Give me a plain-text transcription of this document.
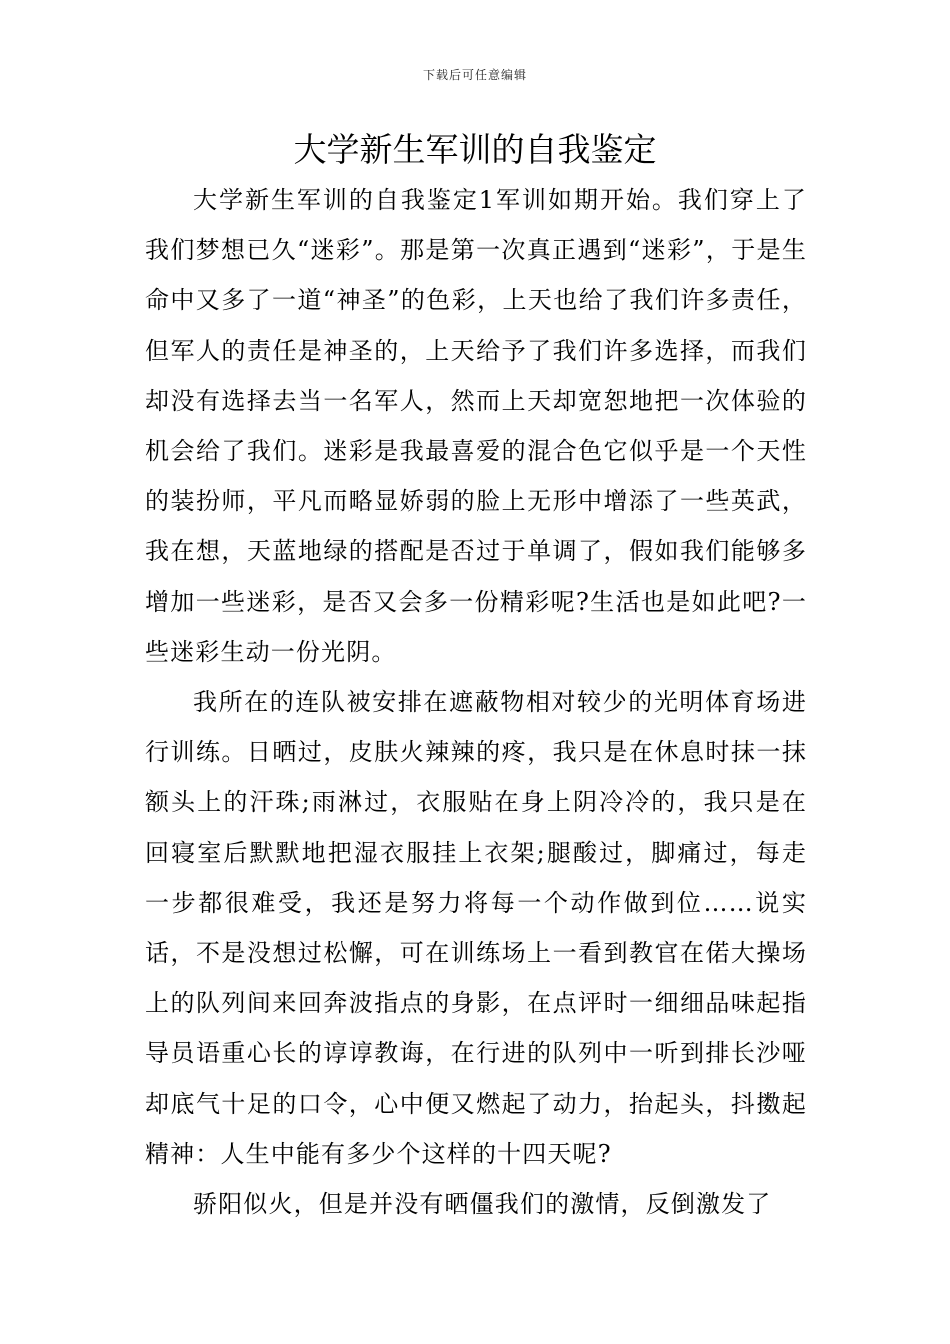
下载后可任意编辑
大学新生军训的自我鉴定

大学新生军训的自我鉴定1军训如期开始。我们穿上了我们梦想已久“迷彩”。那是第一次真正遇到“迷彩”，于是生命中又多了一道“神圣”的色彩，上天也给了我们许多责任，但军人的责任是神圣的，上天给予了我们许多选择，而我们却没有选择去当一名军人，然而上天却宽恕地把一次体验的机会给了我们。迷彩是我最喜爱的混合色它似乎是一个天性的装扮师，平凡而略显娇弱的脸上无形中增添了一些英武，我在想，天蓝地绿的搭配是否过于单调了，假如我们能够多增加一些迷彩，是否又会多一份精彩呢?生活也是如此吧?一些迷彩生动一份光阴。

我所在的连队被安排在遮蔽物相对较少的光明体育场进行训练。日晒过，皮肤火辣辣的疼，我只是在休息时抹一抹额头上的汗珠;雨淋过，衣服贴在身上阴冷冷的，我只是在回寝室后默默地把湿衣服挂上衣架;腿酸过，脚痛过，每走一步都很难受，我还是努力将每一个动作做到位……说实话，不是没想过松懈，可在训练场上一看到教官在偌大操场上的队列间来回奔波指点的身影，在点评时一细细品味起指导员语重心长的谆谆教诲，在行进的队列中一听到排长沙哑却底气十足的口令，心中便又燃起了动力，抬起头，抖擞起精神：人生中能有多少个这样的十四天呢?

骄阳似火，但是并没有晒僵我们的激情，反倒激发了
